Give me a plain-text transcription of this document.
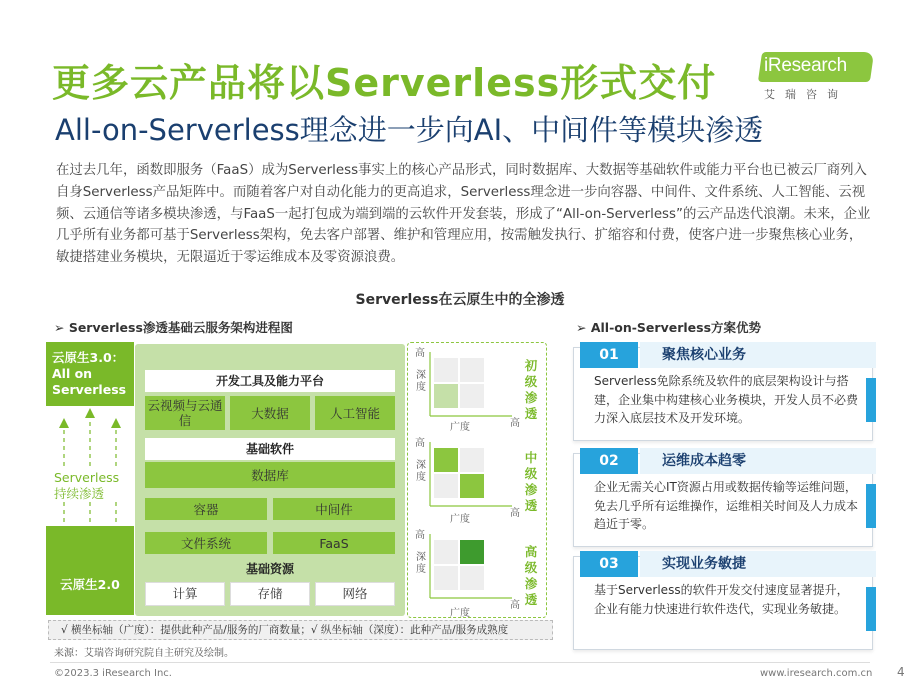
更多云产品将以Serverless形式交付
All-on-Serverless理念进一步向AI、中间件等模块渗透
iResearch
艾瑞咨询
在过去几年，函数即服务（FaaS）成为Serverless事实上的核心产品形式，同时数据库、大数据等基础软件或能力平台也已被云厂商列入自身Serverless产品矩阵中。而随着客户对自动化能力的更高追求，Serverless理念进一步向容器、中间件、文件系统、人工智能、云视频、云通信等诸多模块渗透，与FaaS一起打包成为端到端的云软件开发套装，形成了“All-on-Serverless”的云产品迭代浪潮。未来，企业几乎所有业务都可基于Serverless架构，免去客户部署、维护和管理应用，按需触发执行、扩缩容和付费，使客户进一步聚焦核心业务，敏捷搭建业务模块，无限逼近于零运维成本及零资源浪费。
Serverless在云原生中的全渗透
➢ Serverless渗透基础云服务架构进程图	➢ All-on-Serverless方案优势
云原生3.0：All on Serverless
Serverless持续渗透
云原生2.0
开发工具及能力平台
云视频与云通信	大数据	人工智能
基础软件
数据库
容器	中间件
文件系统	FaaS
基础资源
计算	存储	网络
高
深度
广度	高
初级渗透
高
深度
广度
高
中级渗透
高
深度
广度
高
高级渗透
√ 横坐标轴（广度）：提供此种产品/服务的厂商数量；√ 纵坐标轴（深度）：此种产品/服务成熟度
01	聚焦核心业务
Serverless免除系统及软件的底层架构设计与搭建，企业集中构建核心业务模块，开发人员不必费力深入底层技术及开发环境。
02	运维成本趋零
企业无需关心IT资源占用或数据传输等运维问题，免去几乎所有运维操作，运维相关时间及人力成本趋近于零。
03	实现业务敏捷
基于Serverless的软件开发交付速度显著提升，企业有能力快速进行软件迭代，实现业务敏捷。
来源：艾瑞咨询研究院自主研究及绘制。
©2023.3 iResearch Inc.	www.iresearch.com.cn 4
